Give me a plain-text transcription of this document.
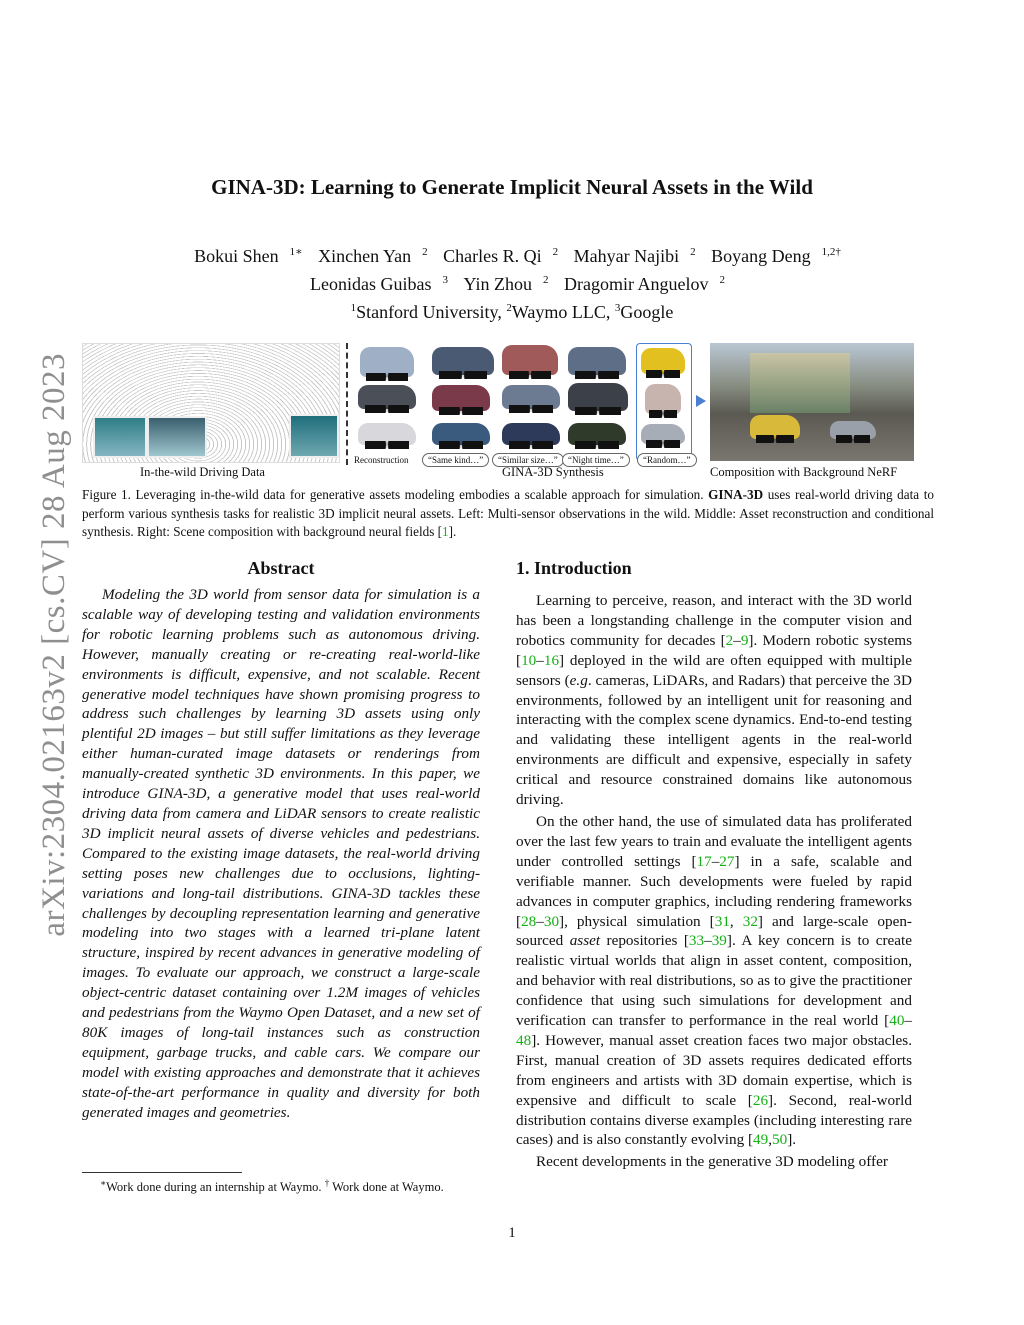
arXiv:2304.02163v2 [cs.CV] 28 Aug 2023
GINA-3D: Learning to Generate Implicit Neural Assets in the Wild
Bokui Shen $^{1∗}$ Xinchen Yan $^2$ Charles R. Qi $^2$ Mahyar Najibi $^2$ Boyang Deng $^{1,2\dagger}$
Leonidas Guibas $^3$ Yin Zhou $^2$ Dragomir Anguelov $^2$
$^1$Stanford University, $^2$Waymo LLC, $^3$Google
Reconstruction	“Same kind…”	“Similar size…”	“Night time…”	“Random…”
In-the-wild Driving Data	GINA-3D Synthesis	Composition with Background NeRF
Figure 1. Leveraging in-the-wild data for generative assets modeling embodies a scalable approach for simulation. GINA-3D uses real-world driving data to perform various synthesis tasks for realistic 3D implicit neural assets. Left: Multi-sensor observations in the wild. Middle: Asset reconstruction and conditional synthesis. Right: Scene composition with background neural fields [1].
Abstract
Modeling the 3D world from sensor data for simulation is a scalable way of developing testing and validation environments for robotic learning problems such as autonomous driving. However, manually creating or re-creating real-world-like environments is difficult, expensive, and not scalable. Recent generative model techniques have shown promising progress to address such challenges by learning 3D assets using only plentiful 2D images – but still suffer limitations as they leverage either human-curated image datasets or renderings from manually-created synthetic 3D environments. In this paper, we introduce GINA-3D, a generative model that uses real-world driving data from camera and LiDAR sensors to create realistic 3D implicit neural assets of diverse vehicles and pedestrians. Compared to the existing image datasets, the real-world driving setting poses new challenges due to occlusions, lighting-variations and long-tail distributions. GINA-3D tackles these challenges by decoupling representation learning and generative modeling into two stages with a learned tri-plane latent structure, inspired by recent advances in generative modeling of images. To evaluate our approach, we construct a large-scale object-centric dataset containing over 1.2M images of vehicles and pedestrians from the Waymo Open Dataset, and a new set of 80K images of long-tail instances such as construction equipment, garbage trucks, and cable cars. We compare our model with existing approaches and demonstrate that it achieves state-of-the-art performance in quality and diversity for both generated images and geometries.
1. Introduction

Learning to perceive, reason, and interact with the 3D world has been a longstanding challenge in the computer vision and robotics community for decades [2–9]. Modern robotic systems [10–16] deployed in the wild are often equipped with multiple sensors (e.g. cameras, LiDARs, and Radars) that perceive the 3D environments, followed by an intelligent unit for reasoning and interacting with the complex scene dynamics. End-to-end testing and validating these intelligent agents in the real-world environments are difficult and expensive, especially in safety critical and resource constrained domains like autonomous driving.

On the other hand, the use of simulated data has proliferated over the last few years to train and evaluate the intelligent agents under controlled settings [17–27] in a safe, scalable and verifiable manner. Such developments were fueled by rapid advances in computer graphics, including rendering frameworks [28–30], physical simulation [31, 32] and large-scale open-sourced asset repositories [33–39]. A key concern is to create realistic virtual worlds that align in asset content, composition, and behavior with real distributions, so as to give the practitioner confidence that using such simulations for development and verification can transfer to performance in the real world [40–48]. However, manual asset creation faces two major obstacles. First, manual creation of 3D assets requires dedicated efforts from engineers and artists with 3D domain expertise, which is expensive and difficult to scale [26]. Second, real-world distribution contains diverse examples (including interesting rare cases) and is also constantly evolving [49,50].

Recent developments in the generative 3D modeling offer

∗Work done during an internship at Waymo. † Work done at Waymo.
1
